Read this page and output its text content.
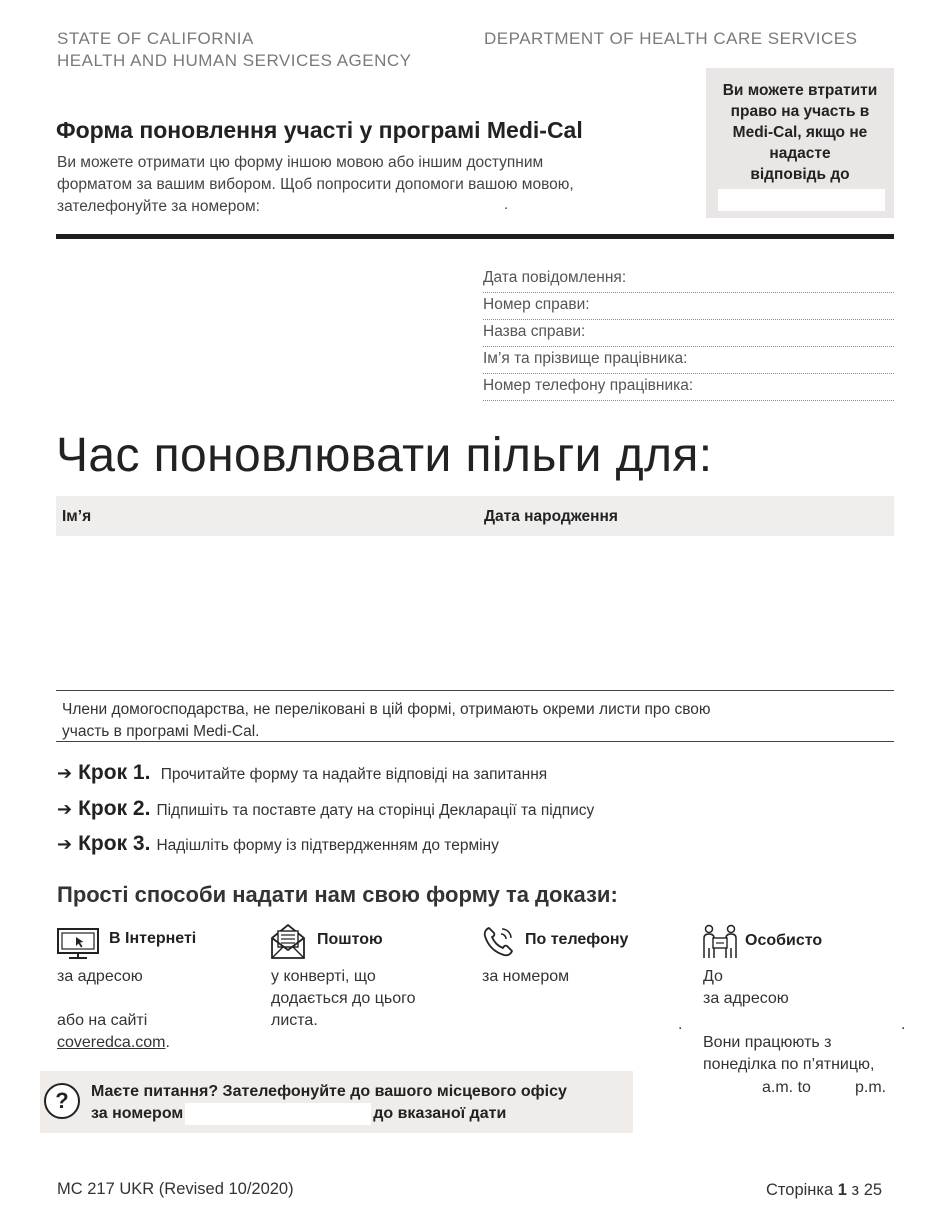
STATE OF CALIFORNIA
HEALTH AND HUMAN SERVICES AGENCY
DEPARTMENT OF HEALTH CARE SERVICES
Форма поновлення участі у програмі Medi-Cal
Ви можете отримати цю форму іншою мовою або іншим доступним
форматом за вашим вибором. Щоб попросити допомоги вашою мовою,
зателефонуйте за номером:	.
Ви можете втратити
право на участь в
Medi-Cal, якщо не
надасте
відповідь до
Дата повідомлення:
Номер справи:
Назва справи:
Ім’я та прізвище працівника:
Номер телефону працівника:
Час поновлювати пільги для:
Ім’я	Дата народження
Члени домогосподарства, не переліковані в цій формі, отримають окреми листи про свою
участь в програмі Medi-Cal.
➔ Крок 1. Прочитайте форму та надайте відповіді на запитання
➔ Крок 2. Підпишіть та поставте дату на сторінці Декларації та підпису
➔ Крок 3. Надішліть форму із підтвердженням до терміну
Прості способи надати нам свою форму та докази:
В Інтернеті
за адресою
або на сайті
coveredca.com.
Поштою
у конверті, що
додається до цього
листа.
По телефону
за номером
Особисто
До
за адресою
.	.
Вони працюють з
понеділка по п’ятницю,
a.m. to	p.m.
?	Маєте питання? Зателефонуйте до вашого місцевого офісу
за номером	до вказаної дати
MC 217 UKR (Revised 10/2020)	Сторінка 1 з 25
